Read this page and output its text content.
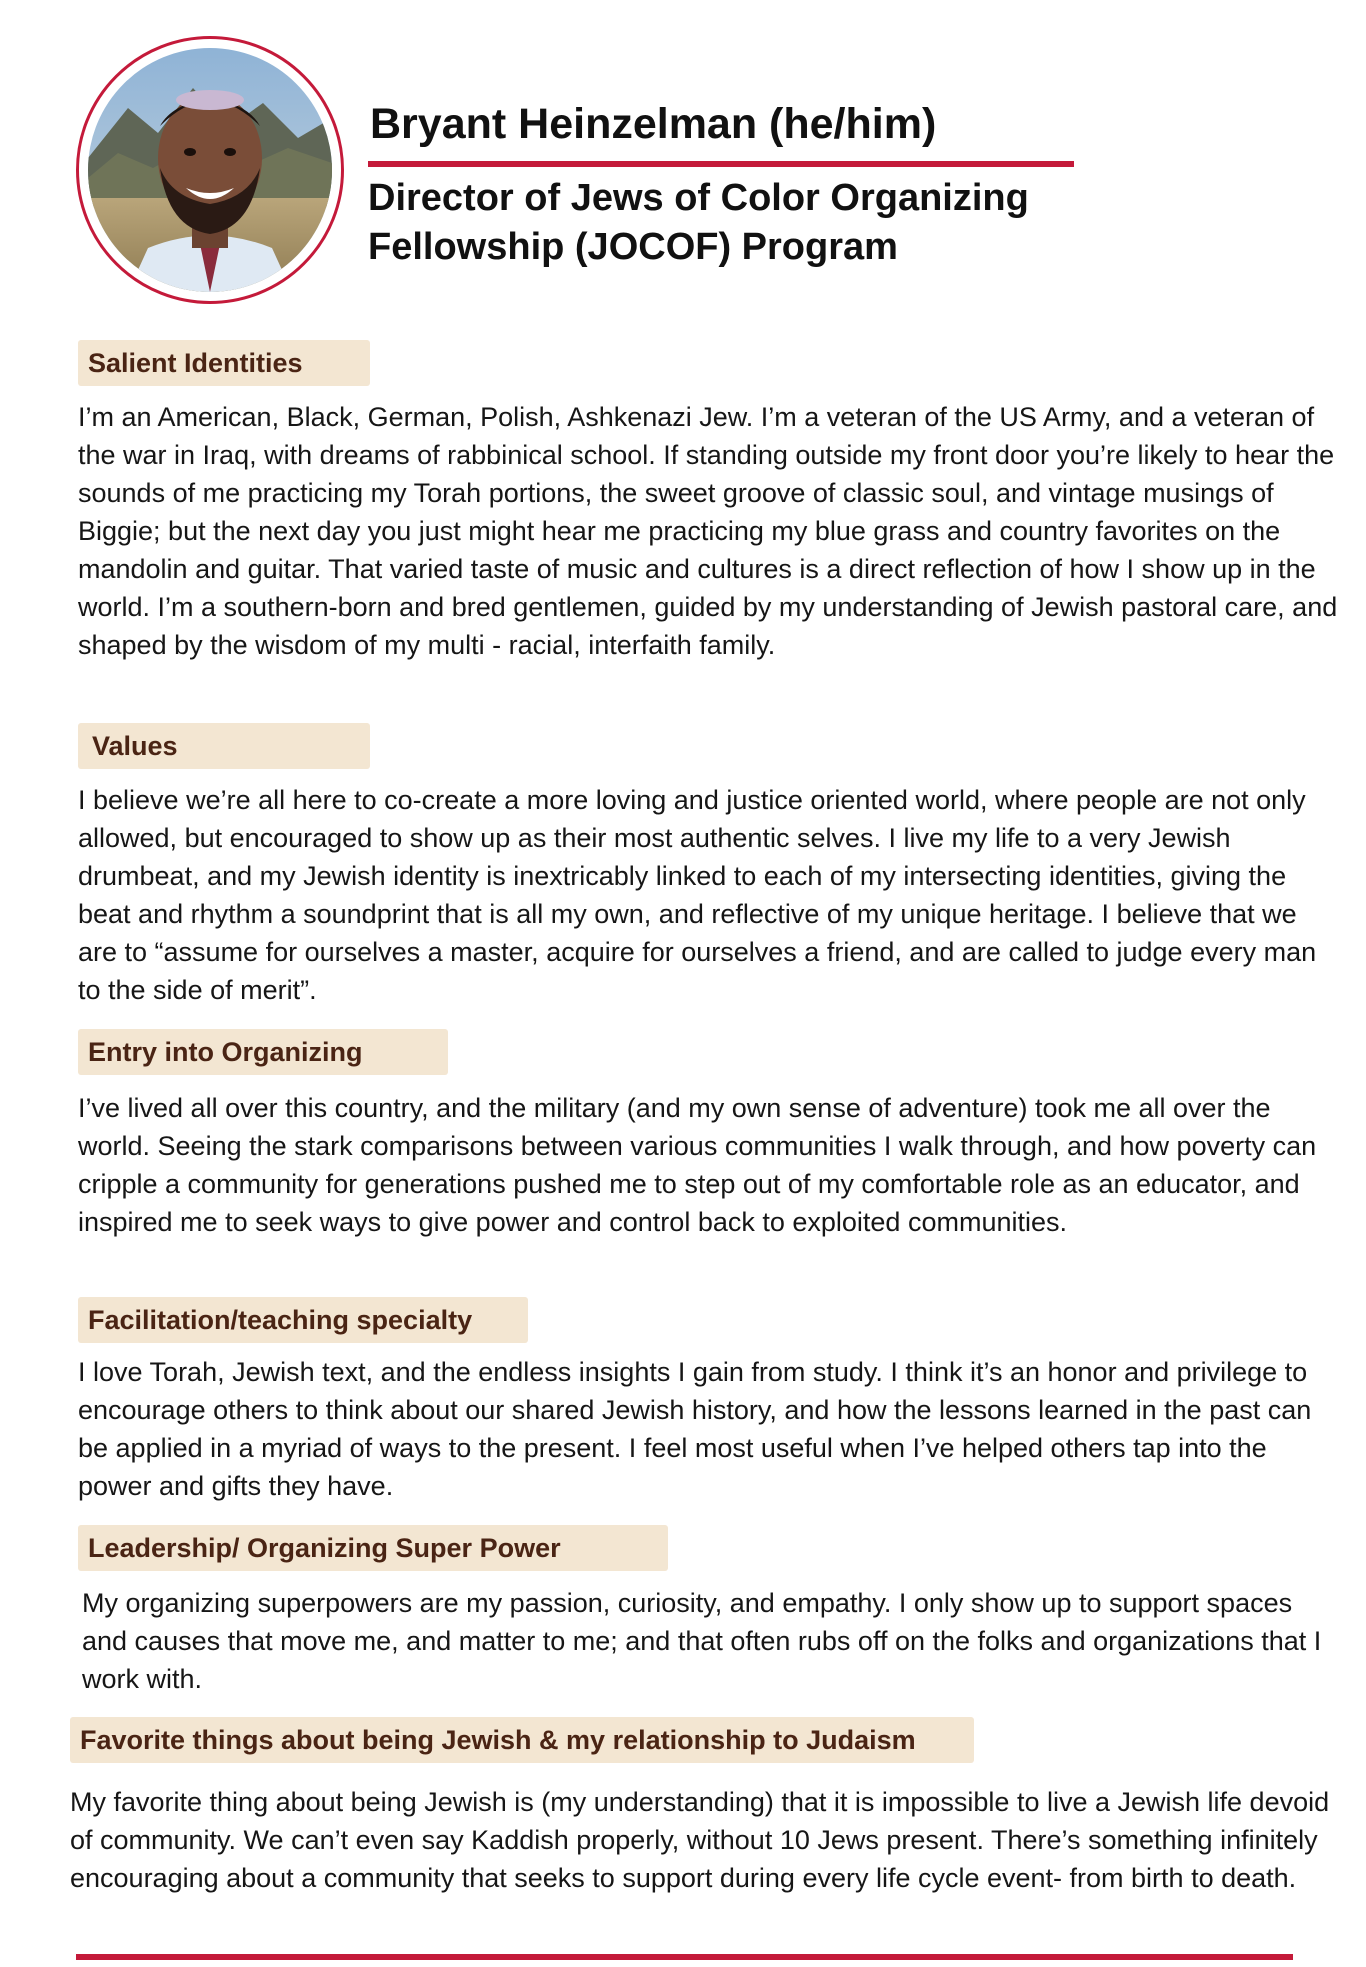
Bryant Heinzelman (he/him)
Director of Jews of Color Organizing Fellowship (JOCOF) Program
Salient Identities

I’m an American, Black, German, Polish, Ashkenazi Jew. I’m a veteran of the US Army, and a veteran of the war in Iraq, with dreams of rabbinical school. If standing outside my front door you’re likely to hear the sounds of me practicing my Torah portions, the sweet groove of classic soul, and vintage musings of Biggie; but the next day you just might hear me practicing my blue grass and country favorites on the mandolin and guitar. That varied taste of music and cultures is a direct reflection of how I show up in the world. I’m a southern-born and bred gentlemen, guided by my understanding of Jewish pastoral care, and shaped by the wisdom of my multi - racial, interfaith family.

Values

I believe we’re all here to co-create a more loving and justice oriented world, where people are not only allowed, but encouraged to show up as their most authentic selves. I live my life to a very Jewish drumbeat, and my Jewish identity is inextricably linked to each of my intersecting identities, giving the beat and rhythm a soundprint that is all my own, and reflective of my unique heritage. I believe that we are to “assume for ourselves a master, acquire for ourselves a friend, and are called to judge every man to the side of merit”.

Entry into Organizing

I’ve lived all over this country, and the military (and my own sense of adventure) took me all over the world. Seeing the stark comparisons between various communities I walk through, and how poverty can cripple a community for generations pushed me to step out of my comfortable role as an educator, and inspired me to seek ways to give power and control back to exploited communities.

Facilitation/teaching specialty

I love Torah, Jewish text, and the endless insights I gain from study. I think it’s an honor and privilege to encourage others to think about our shared Jewish history, and how the lessons learned in the past can be applied in a myriad of ways to the present. I feel most useful when I’ve helped others tap into the power and gifts they have.

Leadership/ Organizing Super Power

My organizing superpowers are my passion, curiosity, and empathy. I only show up to support spaces and causes that move me, and matter to me; and that often rubs off on the folks and organizations that I work with.

Favorite things about being Jewish & my relationship to Judaism

My favorite thing about being Jewish is (my understanding) that it is impossible to live a Jewish life devoid of community. We can’t even say Kaddish properly, without 10 Jews present. There’s something infinitely encouraging about a community that seeks to support during every life cycle event- from birth to death.
